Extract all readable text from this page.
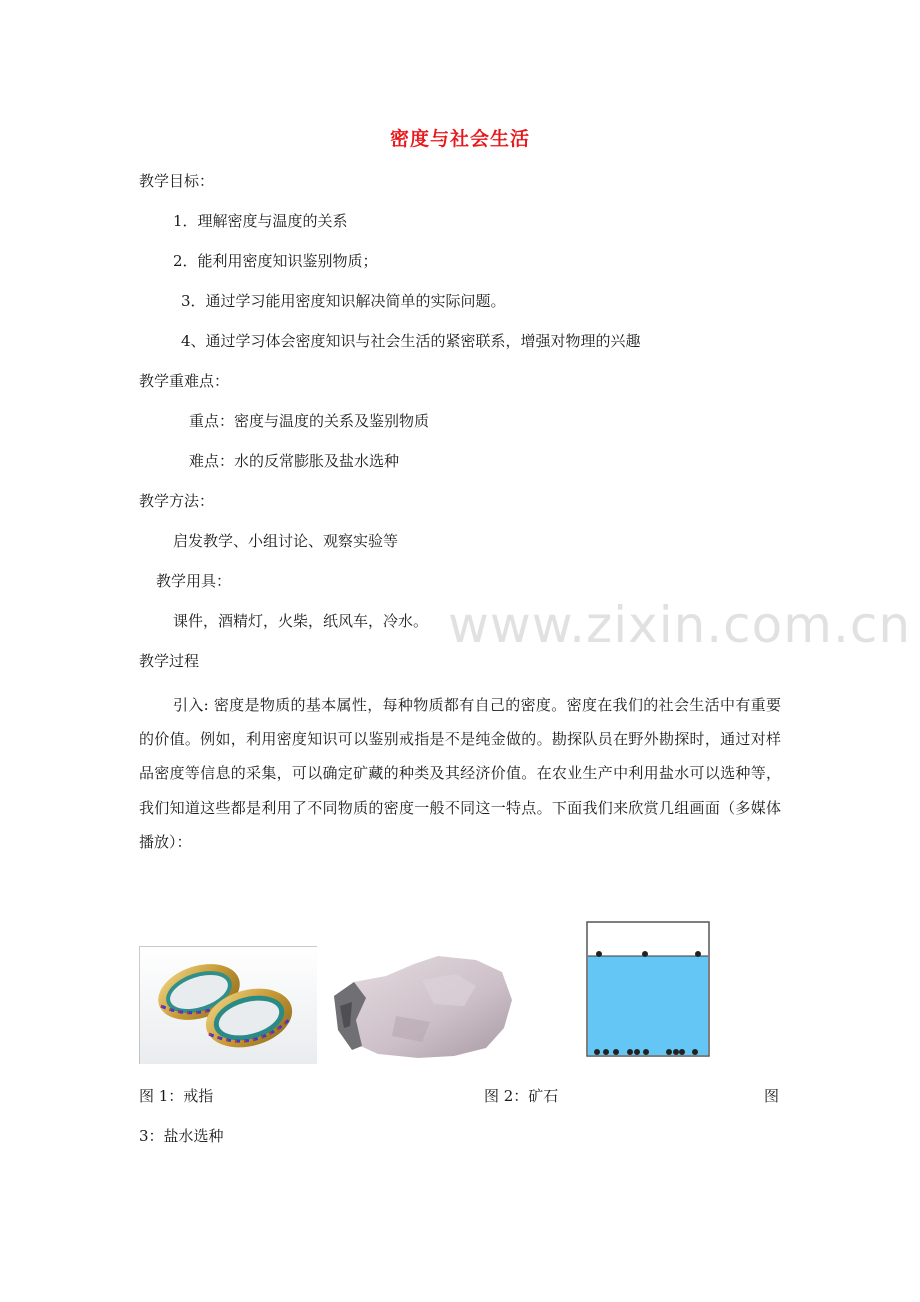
密度与社会生活
教学目标：
1．理解密度与温度的关系
2．能利用密度知识鉴别物质；
3．通过学习能用密度知识解决简单的实际问题。
4、通过学习体会密度知识与社会生活的紧密联系，增强对物理的兴趣
教学重难点：
重点：密度与温度的关系及鉴别物质
难点：水的反常膨胀及盐水选种
教学方法：
启发教学、小组讨论、观察实验等
教学用具：
课件，酒精灯，火柴，纸风车，冷水。 www.zixin.com.cn
教学过程
引入: 密度是物质的基本属性，每种物质都有自己的密度。密度在我们的社会生活中有重要的价值。例如，利用密度知识可以鉴别戒指是不是纯金做的。勘探队员在野外勘探时，通过对样品密度等信息的采集，可以确定矿藏的种类及其经济价值。在农业生产中利用盐水可以选种等，我们知道这些都是利用了不同物质的密度一般不同这一特点。下面我们来欣赏几组画面（多媒体播放）：
图 1：戒指	图 2：矿石	图
3：盐水选种
